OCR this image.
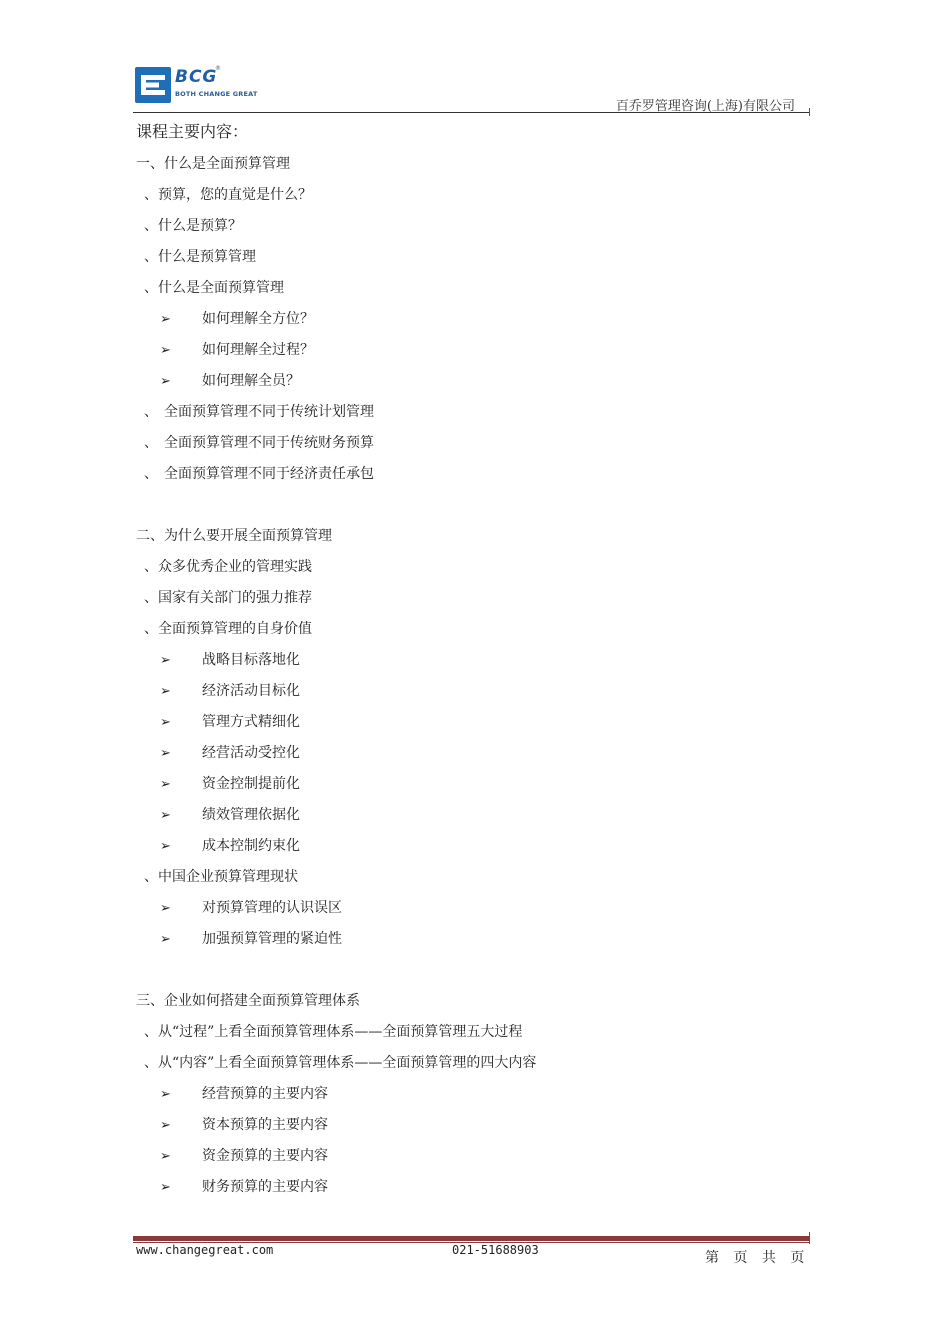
BCG
®
BOTH CHANGE GREAT
百乔罗管理咨询(上海)有限公司
课程主要内容：
一、什么是全面预算管理
、预算，您的直觉是什么？
、什么是预算？
、什么是预算管理
、什么是全面预算管理
➢ 如何理解全方位？
➢ 如何理解全过程？
➢ 如何理解全员？
、 全面预算管理不同于传统计划管理
、 全面预算管理不同于传统财务预算
、 全面预算管理不同于经济责任承包
二、为什么要开展全面预算管理
、众多优秀企业的管理实践
、国家有关部门的强力推荐
、全面预算管理的自身价值
➢ 战略目标落地化
➢ 经济活动目标化
➢ 管理方式精细化
➢ 经营活动受控化
➢ 资金控制提前化
➢ 绩效管理依据化
➢ 成本控制约束化
、中国企业预算管理现状
➢ 对预算管理的认识误区
➢ 加强预算管理的紧迫性
三、企业如何搭建全面预算管理体系
、从“过程”上看全面预算管理体系——全面预算管理五大过程
、从“内容”上看全面预算管理体系——全面预算管理的四大内容
➢ 经营预算的主要内容
➢ 资本预算的主要内容
➢ 资金预算的主要内容
➢ 财务预算的主要内容
www.changegreat.com	021-51688903	第 页 共 页
